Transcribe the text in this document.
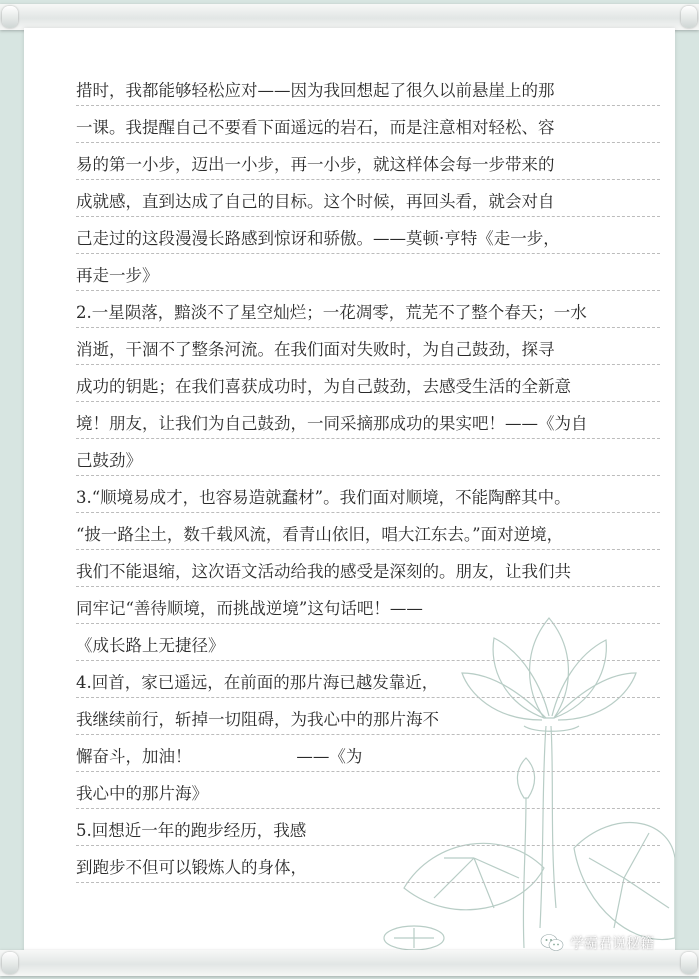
措时，我都能够轻松应对——因为我回想起了很久以前悬崖上的那
一课。我提醒自己不要看下面遥远的岩石，而是注意相对轻松、容
易的第一小步，迈出一小步，再一小步，就这样体会每一步带来的
成就感，直到达成了自己的目标。这个时候，再回头看，就会对自
己走过的这段漫漫长路感到惊讶和骄傲。——莫顿·亨特《走一步，
再走一步》
2.一星陨落，黯淡不了星空灿烂；一花凋零，荒芜不了整个春天；一水
消逝，干涸不了整条河流。在我们面对失败时，为自己鼓劲，探寻
成功的钥匙；在我们喜获成功时，为自己鼓劲，去感受生活的全新意
境！朋友，让我们为自己鼓劲，一同采摘那成功的果实吧！——《为自
己鼓劲》
3.“顺境易成才，也容易造就蠢材”。我们面对顺境，不能陶醉其中。
“披一路尘土，数千载风流，看青山依旧，唱大江东去。”面对逆境，
我们不能退缩，这次语文活动给我的感受是深刻的。朋友，让我们共
同牢记“善待顺境，而挑战逆境”这句话吧！——
《成长路上无捷径》
4.回首，家已遥远，在前面的那片海已越发靠近，
我继续前行，斩掉一切阻碍，为我心中的那片海不
懈奋斗，加油！                    ——《为
我心中的那片海》
5.回想近一年的跑步经历，我感
到跑步不但可以锻炼人的身体，
学霸君说秘籍
